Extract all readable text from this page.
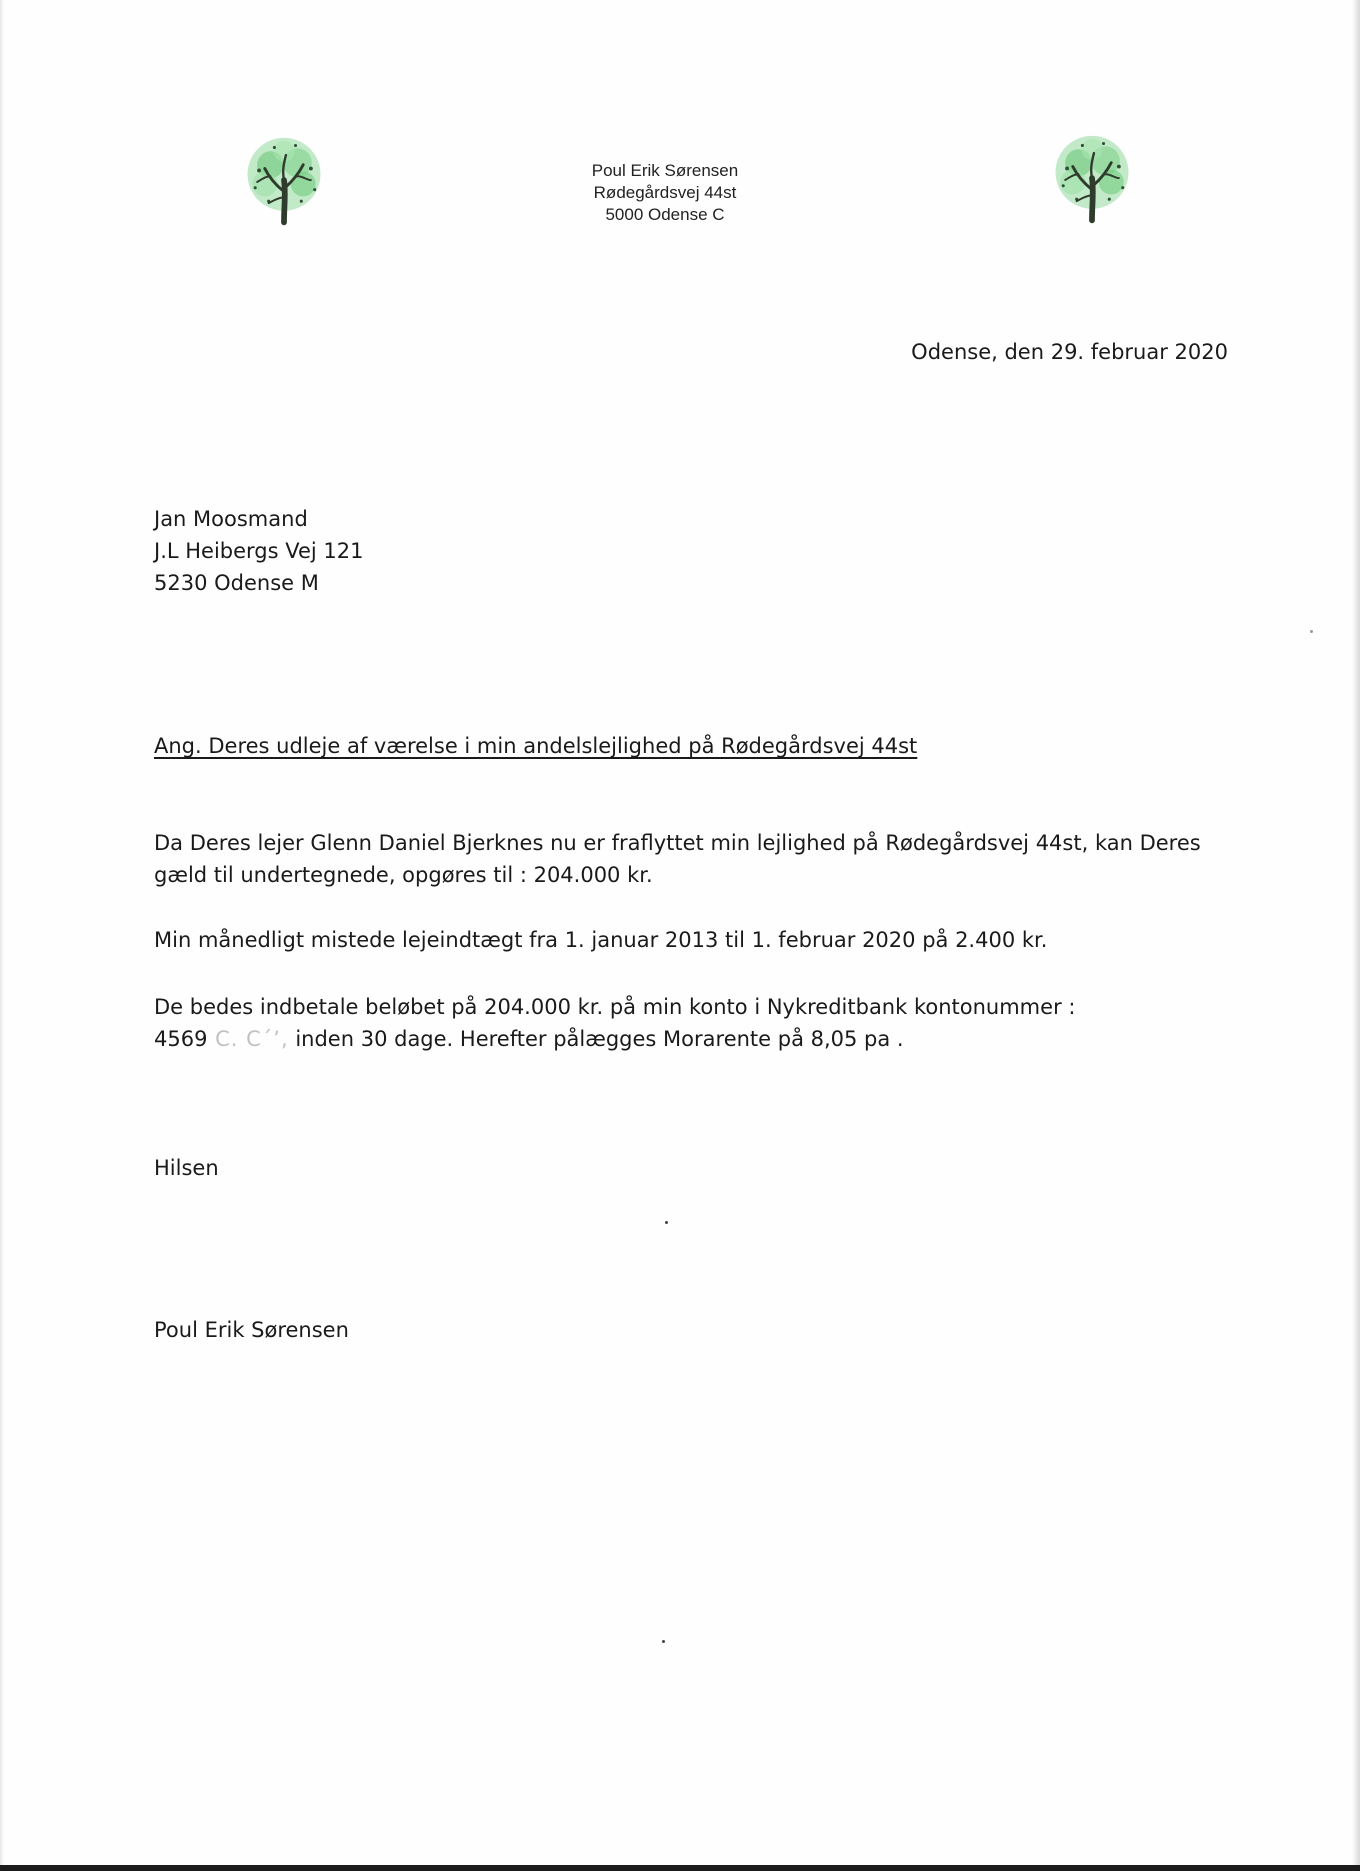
Poul Erik Sørensen
Rødegårdsvej 44st
5000 Odense C
Odense, den 29. februar 2020
Jan Moosmand
J.L Heibergs Vej 121
5230 Odense M
Ang. Deres udleje af værelse i min andelslejlighed på Rødegårdsvej 44st
Da Deres lejer Glenn Daniel Bjerknes nu er fraflyttet min lejlighed på Rødegårdsvej 44st, kan Deres
gæld til undertegnede, opgøres til : 204.000 kr.
Min månedligt mistede lejeindtægt fra 1. januar 2013 til 1. februar 2020 på 2.400 kr.
De bedes indbetale beløbet på 204.000 kr. på min konto i Nykreditbank kontonummer :
4569 C. C´ʼ, inden 30 dage. Herefter pålægges Morarente på 8,05 pa .
Hilsen
Poul Erik Sørensen
